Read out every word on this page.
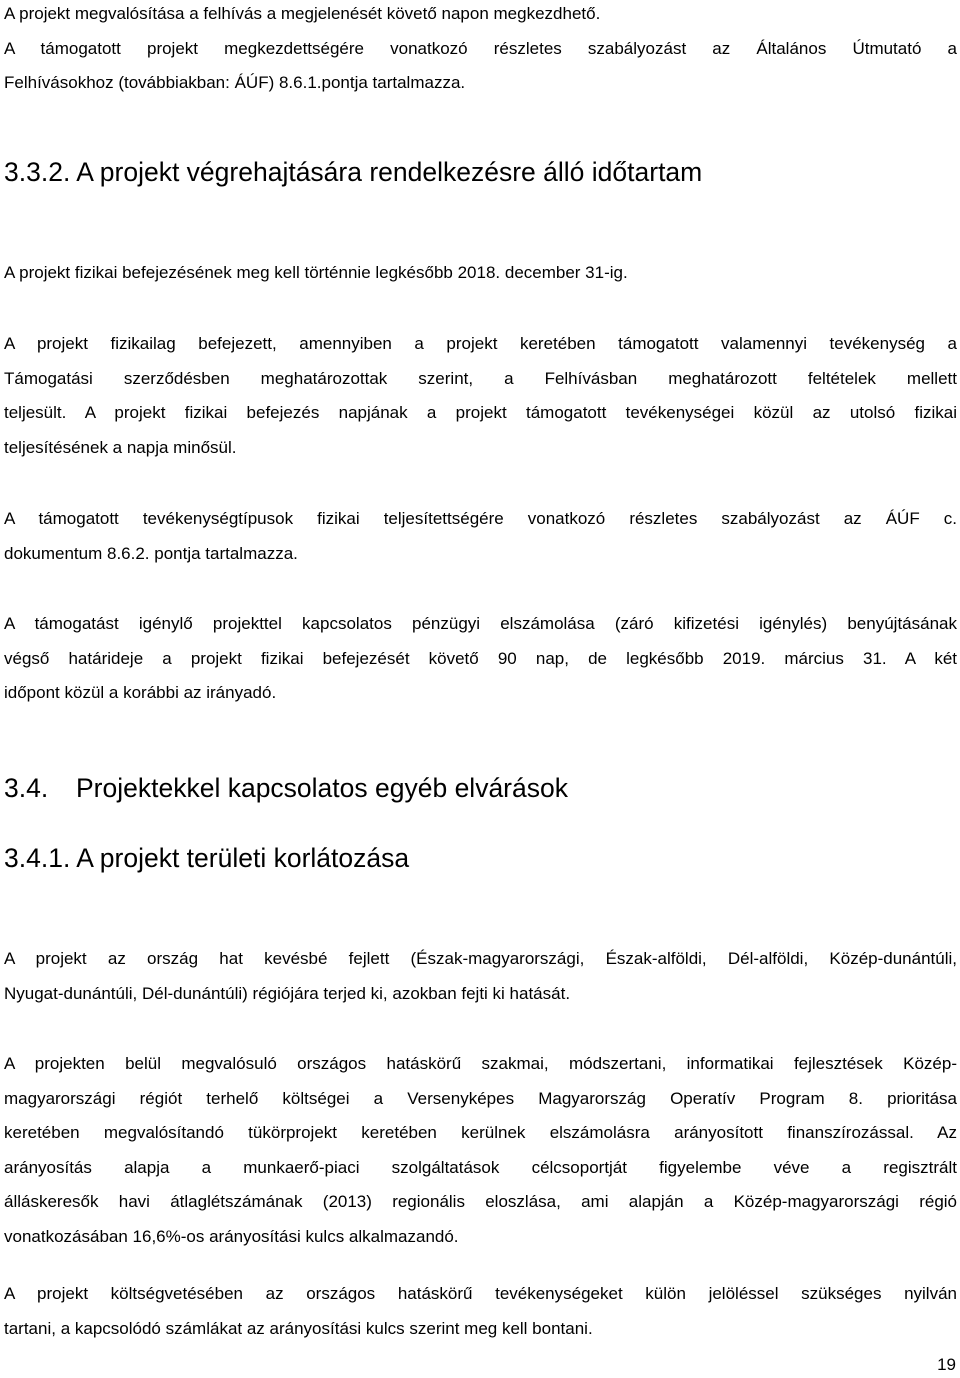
A projekt megvalósítása a felhívás a megjelenését követő napon megkezdhető.
A támogatott projekt megkezdettségére vonatkozó részletes szabályozást az Általános Útmutató a
Felhívásokhoz (továbbiakban: ÁÚF) 8.6.1.pontja tartalmazza.
3.3.2. A projekt végrehajtására rendelkezésre álló időtartam
A projekt fizikai befejezésének meg kell történnie legkésőbb 2018. december 31-ig.
A projekt fizikailag befejezett, amennyiben a projekt keretében támogatott valamennyi tevékenység a
Támogatási szerződésben meghatározottak szerint, a Felhívásban meghatározott feltételek mellett
teljesült. A projekt fizikai befejezés napjának a projekt támogatott tevékenységei közül az utolsó fizikai
teljesítésének a napja minősül.
A támogatott tevékenységtípusok fizikai teljesítettségére vonatkozó részletes szabályozást az ÁÚF c.
dokumentum 8.6.2. pontja tartalmazza.
A támogatást igénylő projekttel kapcsolatos pénzügyi elszámolása (záró kifizetési igénylés) benyújtásának
végső határideje a projekt fizikai befejezését követő 90 nap, de legkésőbb 2019. március 31. A két
időpont közül a korábbi az irányadó.
3.4. Projektekkel kapcsolatos egyéb elvárások
3.4.1. A projekt területi korlátozása
A projekt az ország hat kevésbé fejlett (Észak-magyarországi, Észak-alföldi, Dél-alföldi, Közép-dunántúli,
Nyugat-dunántúli, Dél-dunántúli) régiójára terjed ki, azokban fejti ki hatását.
A projekten belül megvalósuló országos hatáskörű szakmai, módszertani, informatikai fejlesztések Közép-
magyarországi régiót terhelő költségei a Versenyképes Magyarország Operatív Program 8. prioritása
keretében megvalósítandó tükörprojekt keretében kerülnek elszámolásra arányosított finanszírozással. Az
arányosítás alapja a munkaerő-piaci szolgáltatások célcsoportját figyelembe véve a regisztrált
álláskeresők havi átlaglétszámának (2013) regionális eloszlása, ami alapján a Közép-magyarországi régió
vonatkozásában 16,6%-os arányosítási kulcs alkalmazandó.
A projekt költségvetésében az országos hatáskörű tevékenységeket külön jelöléssel szükséges nyilván
tartani, a kapcsolódó számlákat az arányosítási kulcs szerint meg kell bontani.
19
